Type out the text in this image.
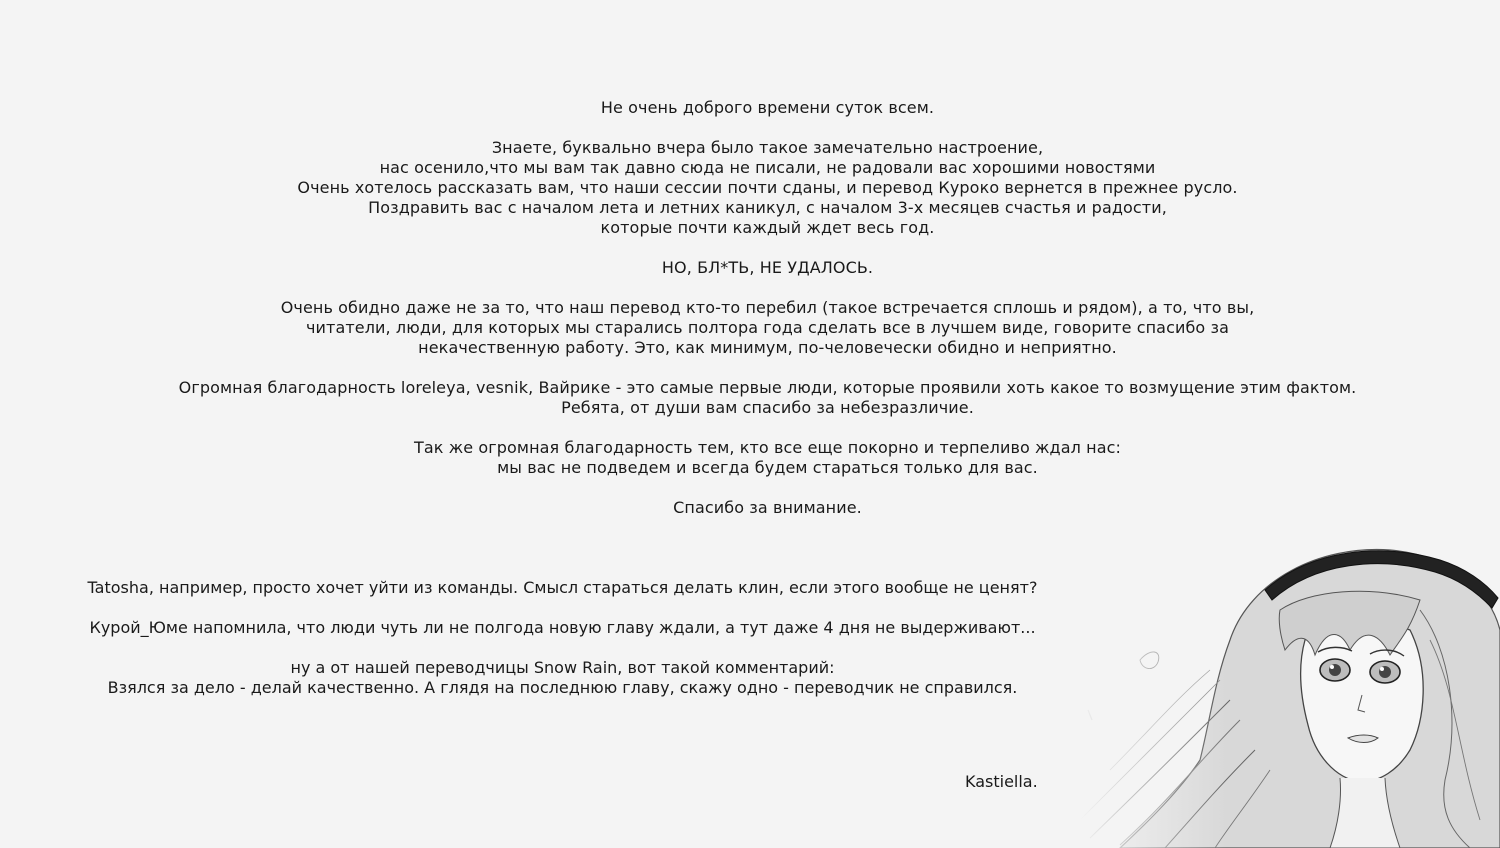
Не очень доброго времени суток всем.

Знаете, буквально вчера было такое замечательно настроение,
нас осенило,что мы вам так давно сюда не писали, не радовали вас хорошими новостями
Очень хотелось рассказать вам, что наши сессии почти сданы, и перевод Куроко вернется в прежнее русло.
Поздравить вас с началом лета и летних каникул, с началом 3-х месяцев счастья и радости,
которые почти каждый ждет весь год.

НО, БЛ*ТЬ, НЕ УДАЛОСЬ.

Очень обидно даже не за то, что наш перевод кто-то перебил (такое встречается сплошь и рядом), а то, что вы,
читатели, люди, для которых мы старались полтора года сделать все в лучшем виде, говорите спасибо за
некачественную работу. Это, как минимум, по-человечески обидно и неприятно.

Огромная благодарность loreleya, vesnik, Вайрике - это самые первые люди, которые проявили хоть какое то возмущение этим фактом.
Ребята, от души вам спасибо за небезразличие.

Так же огромная благодарность тем, кто все еще покорно и терпеливо ждал нас:
мы вас не подведем и всегда будем стараться только для вас.

Спасибо за внимание.

Tatosha, например, просто хочет уйти из команды. Смысл стараться делать клин, если этого вообще не ценят?

Курой_Юме напомнила, что люди чуть ли не полгода новую главу ждали, а тут даже 4 дня не выдерживают...

ну а от нашей переводчицы Snow Rain, вот такой комментарий:
Взялся за дело - делай качественно. А глядя на последнюю главу, скажу одно - переводчик не справился.

Kastiella.
